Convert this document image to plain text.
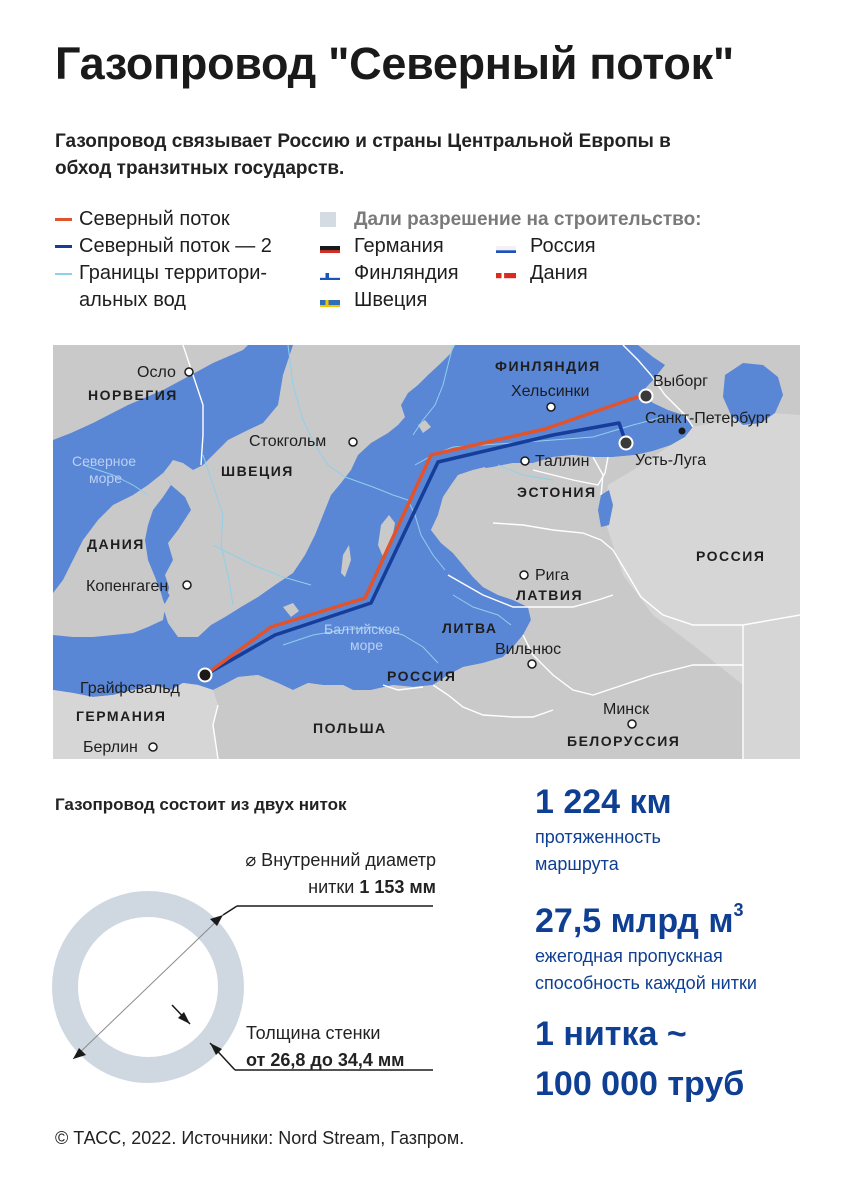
Газопровод "Северный поток"
Газопровод связывает Россию и страны Центральной Европы в обход транзитных государств.
Северный поток
Северный поток — 2
Границы территори-
альных вод
Дали разрешение на строительство:
Германия	Россия
Финляндия	Дания
Швеция
Осло
НОРВЕГИЯ
Стокгольм
ШВЕЦИЯ
ФИНЛЯНДИЯ
Хельсинки
Выборг
Санкт-Петербург
Усть-Луга
Таллин
ЭСТОНИЯ
РОССИЯ
Рига
ЛАТВИЯ
ЛИТВА
Вильнюс
РОССИЯ
Минск
БЕЛОРУССИЯ
ПОЛЬША
ДАНИЯ
Копенгаген
Грайфсвальд
ГЕРМАНИЯ
Берлин
Северное
море
Балтийское
море
Газопровод состоит из двух ниток
⌀ Внутренний диаметр
нитки 1 153 мм
Толщина стенки
от 26,8 до 34,4 мм
1 224 км
протяженность
маршрута
27,5 млрд $м^3$
ежегодная пропускная
способность каждой нитки
1 нитка ~
100 000 труб
© ТАСС, 2022. Источники: Nord Stream, Газпром.
